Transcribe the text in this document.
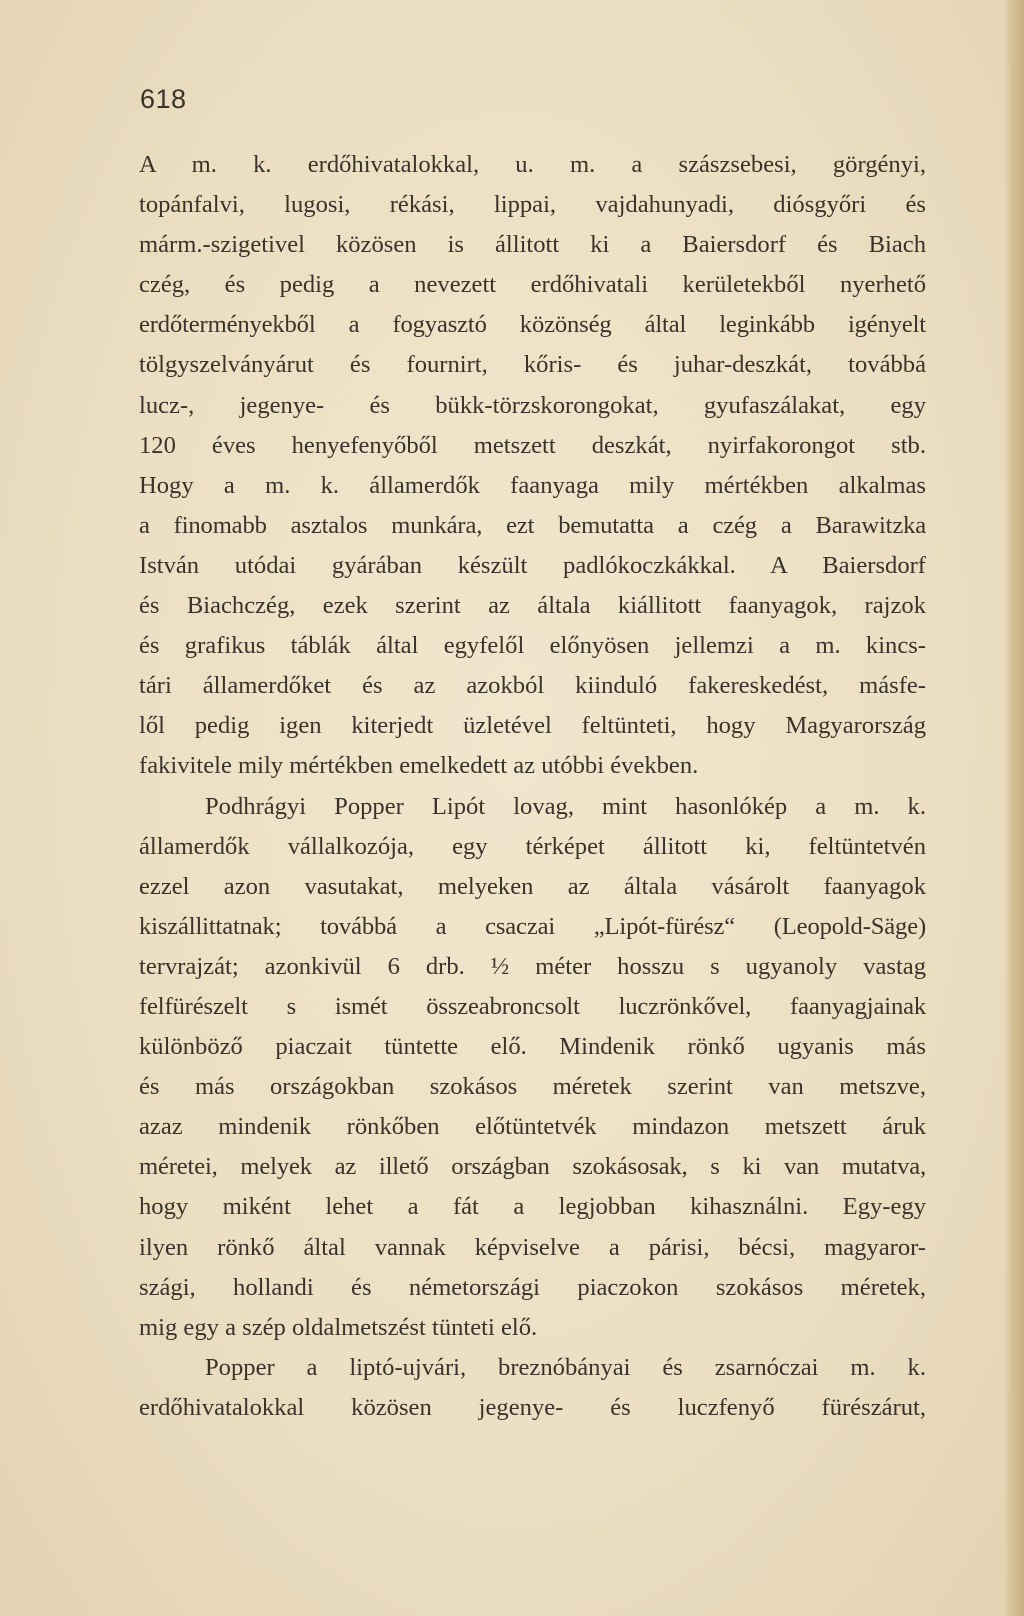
618
A m. k. erdőhivatalokkal, u. m. a szászsebesi, görgényi,
topánfalvi, lugosi, rékási, lippai, vajdahunyadi, diósgyőri és
márm.-szigetivel közösen is állitott ki a Baiersdorf és Biach
czég, és pedig a nevezett erdőhivatali kerületekből nyerhető
erdőterményekből a fogyasztó közönség által leginkább igényelt
tölgyszelványárut és fournirt, kőris- és juhar-deszkát, továbbá
lucz-, jegenye- és bükk-törzskorongokat, gyufaszálakat, egy
120 éves henyefenyőből metszett deszkát, nyirfakorongot stb.
Hogy a m. k. államerdők faanyaga mily mértékben alkalmas
a finomabb asztalos munkára, ezt bemutatta a czég a Barawitzka
István utódai gyárában készült padlókoczkákkal. A Baiersdorf
és Biachczég, ezek szerint az általa kiállitott faanyagok, rajzok
és grafikus táblák által egyfelől előnyösen jellemzi a m. kincs-
tári államerdőket és az azokból kiinduló fakereskedést, másfe-
lől pedig igen kiterjedt üzletével feltünteti, hogy Magyarország
fakivitele mily mértékben emelkedett az utóbbi években.
Podhrágyi Popper Lipót lovag, mint hasonlókép a m. k.
államerdők vállalkozója, egy térképet állitott ki, feltüntetvén
ezzel azon vasutakat, melyeken az általa vásárolt faanyagok
kiszállittatnak; továbbá a csaczai „Lipót-fürész“ (Leopold-Säge)
tervrajzát; azonkivül 6 drb. ½ méter hosszu s ugyanoly vastag
felfürészelt s ismét összeabroncsolt luczrönkővel, faanyagjainak
különböző piaczait tüntette elő. Mindenik rönkő ugyanis más
és más országokban szokásos méretek szerint van metszve,
azaz mindenik rönkőben előtüntetvék mindazon metszett áruk
méretei, melyek az illető országban szokásosak, s ki van mutatva,
hogy miként lehet a fát a legjobban kihasználni. Egy-egy
ilyen rönkő által vannak képviselve a párisi, bécsi, magyaror-
szági, hollandi és németországi piaczokon szokásos méretek,
mig egy a szép oldalmetszést tünteti elő.
Popper a liptó-ujvári, breznóbányai és zsarnóczai m. k.
erdőhivatalokkal közösen jegenye- és luczfenyő fürészárut,
